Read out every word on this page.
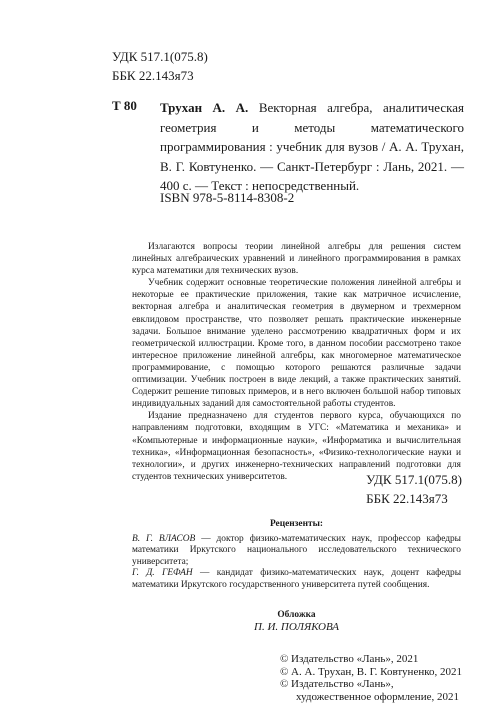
УДК 517.1(075.8)
ББК 22.143я73
Т 80 Трухан А. А. Векторная алгебра, аналитическая геометрия и методы математического программирования : учебник для вузов / А. А. Трухан, В. Г. Ковтуненко. — Санкт-Петербург : Лань, 2021. — 400 с. — Текст : непосредственный.
ISBN 978-5-8114-8308-2

Излагаются вопросы теории линейной алгебры для решения систем линейных алгебраических уравнений и линейного программирования в рамках курса математики для технических вузов.

Учебник содержит основные теоретические положения линейной алгебры и некоторые ее практические приложения, такие как матричное исчисление, векторная алгебра и аналитическая геометрия в двумерном и трехмерном евклидовом пространстве, что позволяет решать практические инженерные задачи. Большое внимание уделено рассмотрению квадратичных форм и их геометрической иллюстрации. Кроме того, в данном пособии рассмотрено такое интересное приложение линейной алгебры, как многомерное математическое программирование, с помощью которого решаются различные задачи оптимизации. Учебник построен в виде лекций, а также практических занятий. Содержит решение типовых примеров, и в него включен большой набор типовых индивидуальных заданий для самостоятельной работы студентов.

Издание предназначено для студентов первого курса, обучающихся по направлениям подготовки, входящим в УГС: «Математика и механика» и «Компьютерные и информационные науки», «Информатика и вычислительная техника», «Информационная безопасность», «Физико-технологические науки и технологии», и других инженерно-технических направлений подготовки для студентов технических университетов.	УДК 517.1(075.8)
ББК 22.143я73
Рецензенты:

В. Г. ВЛАСОВ — доктор физико-математических наук, профессор кафедры математики Иркутского национального исследовательского технического университета;

Г. Д. ГЕФАН — кандидат физико-математических наук, доцент кафедры математики Иркутского государственного университета путей сообщения.

Обложка
П. И. ПОЛЯКОВА
© Издательство «Лань», 2021
© А. А. Трухан, В. Г. Ковтуненко, 2021
© Издательство «Лань»,
художественное оформление, 2021
